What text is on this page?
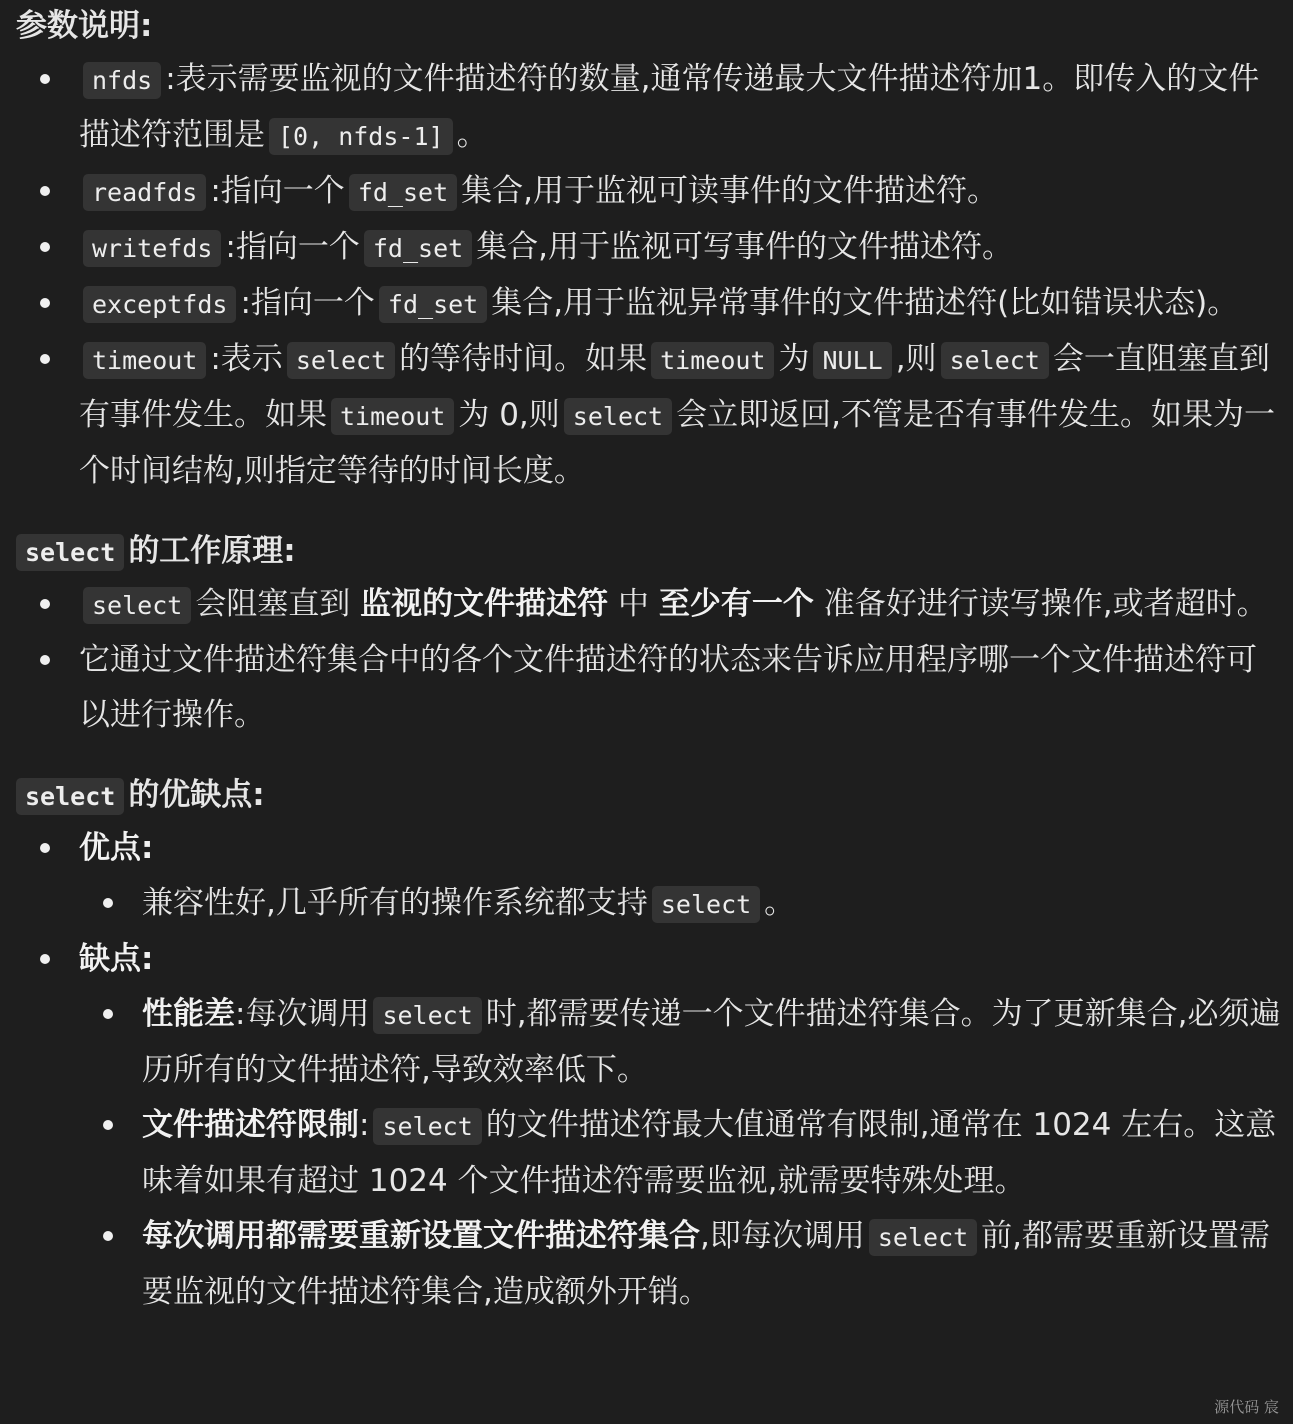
参数说明:

nfds :表示需要监视的文件描述符的数量,通常传递最大文件描述符加1。即传入的文件描述符范围是 [0, nfds-1] 。
readfds :指向一个 fd_set 集合,用于监视可读事件的文件描述符。
writefds :指向一个 fd_set 集合,用于监视可写事件的文件描述符。
exceptfds :指向一个 fd_set 集合,用于监视异常事件的文件描述符(比如错误状态)。
timeout :表示 select 的等待时间。如果 timeout 为 NULL ,则 select 会一直阻塞直到有事件发生。如果 timeout 为 0,则 select 会立即返回,不管是否有事件发生。如果为一个时间结构,则指定等待的时间长度。

select 的工作原理:

select 会阻塞直到 监视的文件描述符 中 至少有一个 准备好进行读写操作,或者超时。
它通过文件描述符集合中的各个文件描述符的状态来告诉应用程序哪一个文件描述符可以进行操作。

select 的优缺点:

优点:
兼容性好,几乎所有的操作系统都支持 select 。
缺点:
性能差:每次调用 select 时,都需要传递一个文件描述符集合。为了更新集合,必须遍历所有的文件描述符,导致效率低下。
文件描述符限制: select 的文件描述符最大值通常有限制,通常在 1024 左右。这意味着如果有超过 1024 个文件描述符需要监视,就需要特殊处理。
每次调用都需要重新设置文件描述符集合,即每次调用 select 前,都需要重新设置需要监视的文件描述符集合,造成额外开销。
源代码 宸
